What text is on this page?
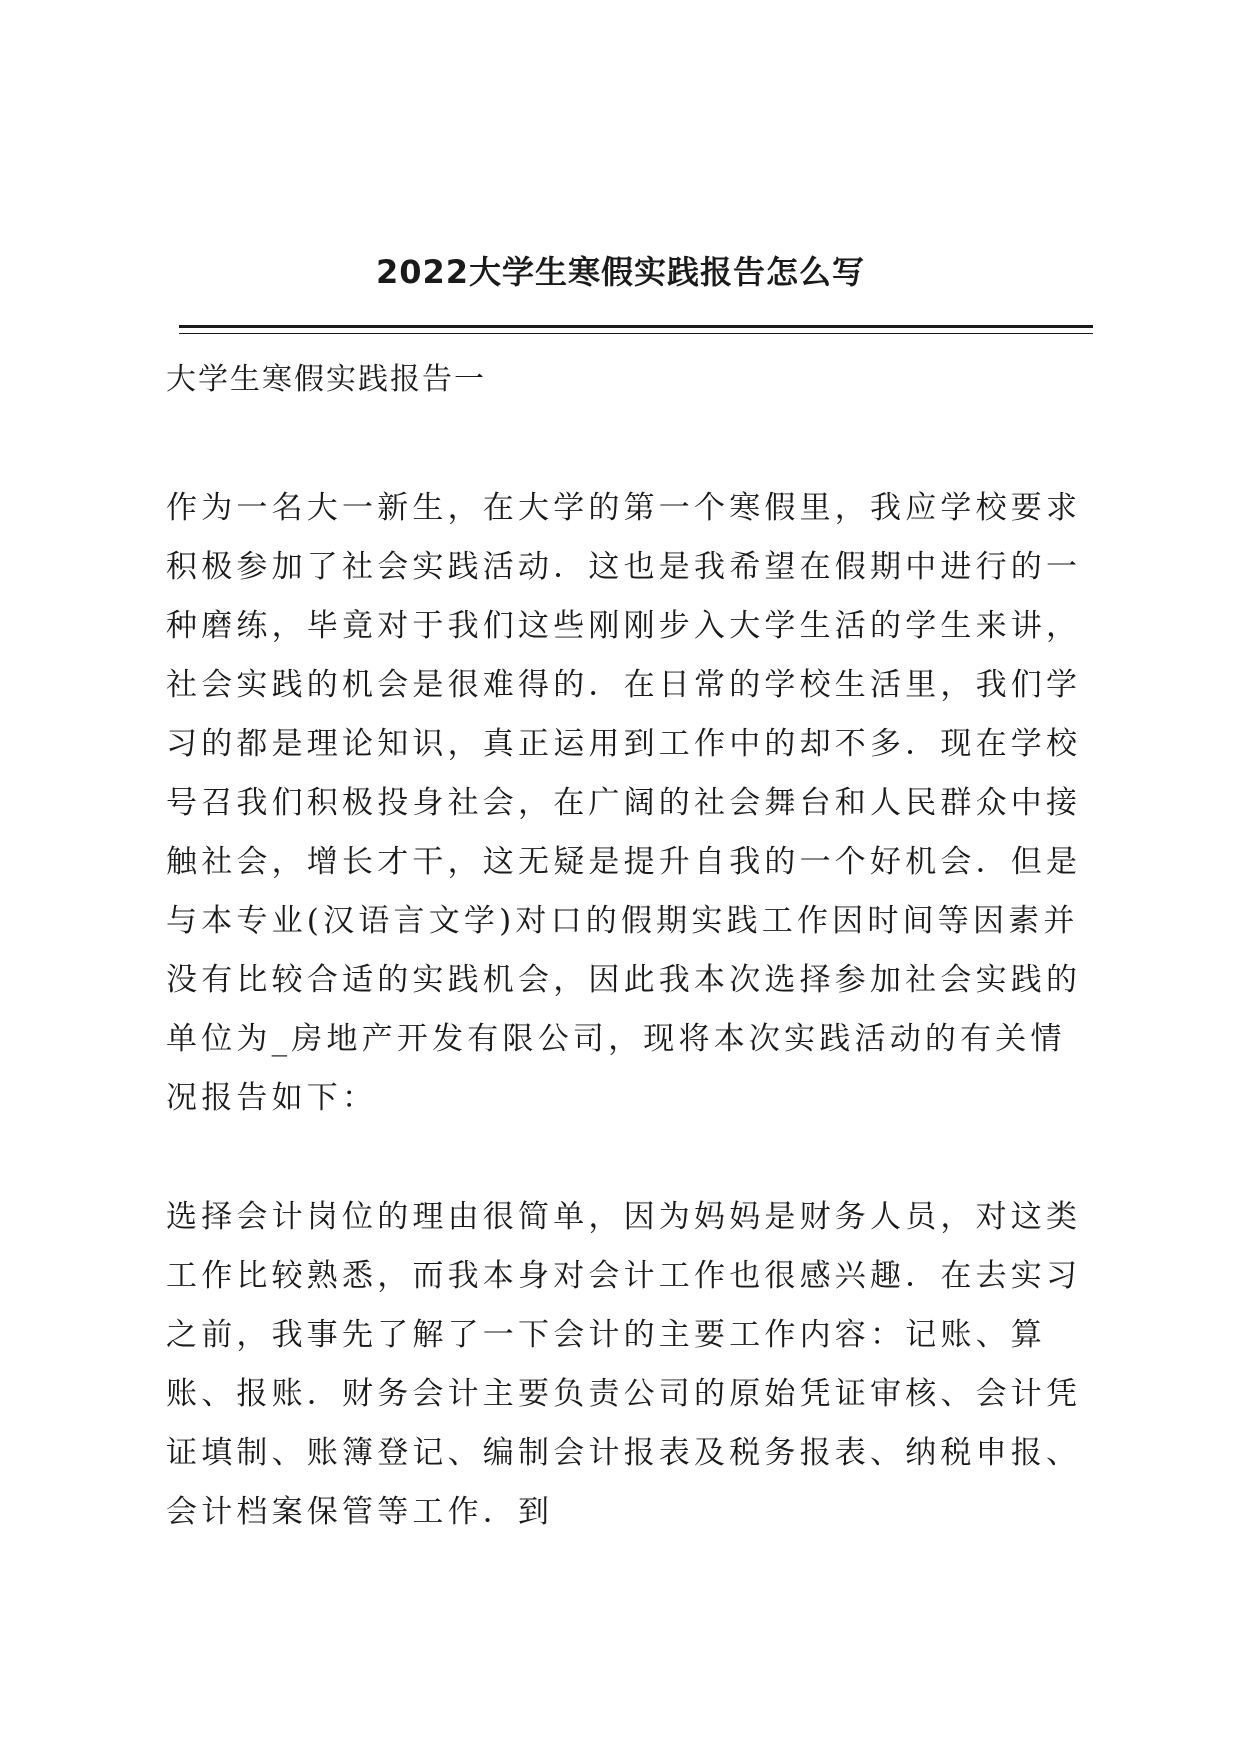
2022大学生寒假实践报告怎么写
大学生寒假实践报告一
作为一名大一新生，在大学的第一个寒假里，我应学校要求积极参加了社会实践活动．这也是我希望在假期中进行的一种磨练，毕竟对于我们这些刚刚步入大学生活的学生来讲，社会实践的机会是很难得的．在日常的学校生活里，我们学习的都是理论知识，真正运用到工作中的却不多．现在学校号召我们积极投身社会，在广阔的社会舞台和人民群众中接触社会，增长才干，这无疑是提升自我的一个好机会．但是与本专业(汉语言文学)对口的假期实践工作因时间等因素并没有比较合适的实践机会，因此我本次选择参加社会实践的单位为_房地产开发有限公司，现将本次实践活动的有关情况报告如下：
选择会计岗位的理由很简单，因为妈妈是财务人员，对这类工作比较熟悉，而我本身对会计工作也很感兴趣．在去实习之前，我事先了解了一下会计的主要工作内容：记账、算账、报账．财务会计主要负责公司的原始凭证审核、会计凭证填制、账簿登记、编制会计报表及税务报表、纳税申报、会计档案保管等工作．到
